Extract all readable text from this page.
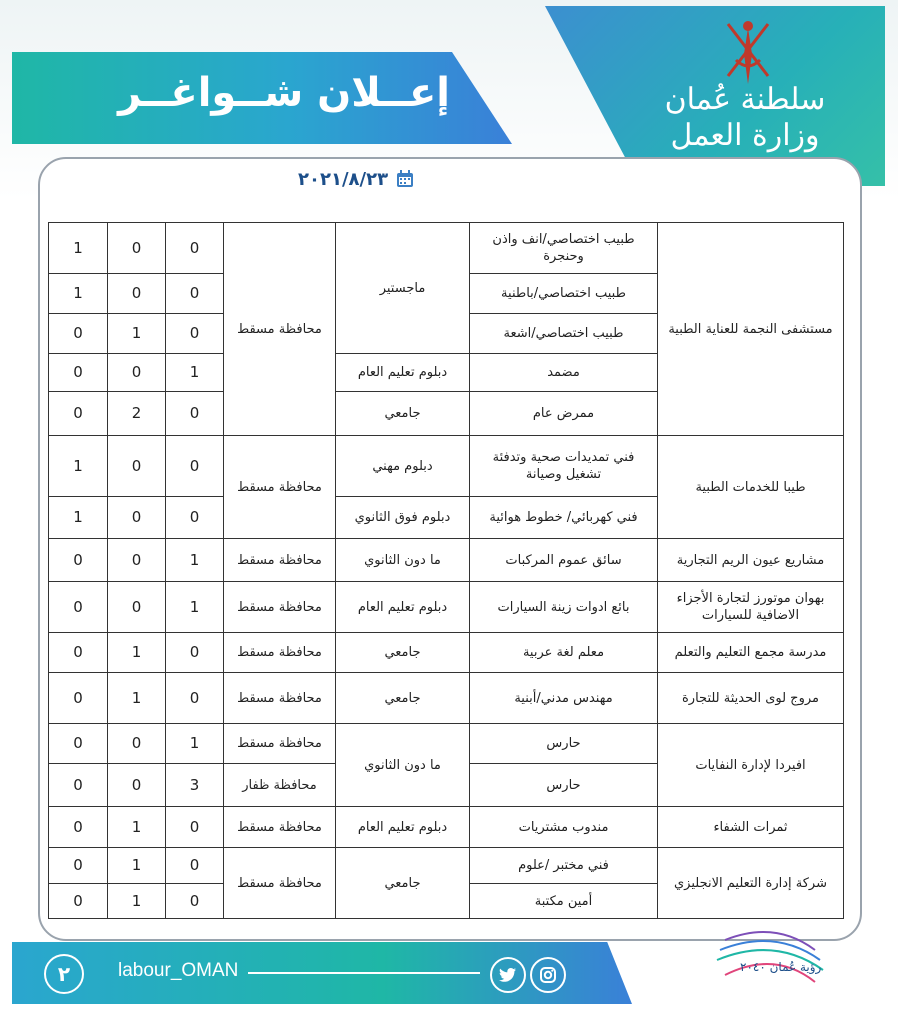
إعــلان شــواغــر	سلطنة عُمان
وزارة العمل
٢٠٢١/٨/٢٣
مستشفى النجمة للعناية الطبية	طبيب اختصاصي/انف واذن وحنجرة	ماجستير	محافظة مسقط	0	0	1
	طبيب اختصاصي/باطنية			0	0	1
	طبيب اختصاصي/اشعة			0	1	0
	مضمد	دبلوم تعليم العام		1	0	0
	ممرض عام	جامعي		0	2	0
طيبا للخدمات الطبية	فني تمديدات صحية وتدفئة تشغيل وصيانة	دبلوم مهني	محافظة مسقط	0	0	1
	فني كهربائي/ خطوط هوائية	دبلوم فوق الثانوي		0	0	1
مشاريع عيون الريم التجارية	سائق عموم المركبات	ما دون الثانوي	محافظة مسقط	1	0	0
بهوان موتورز لتجارة الأجزاء الاضافية للسيارات	بائع ادوات زينة السيارات	دبلوم تعليم العام	محافظة مسقط	1	0	0
مدرسة مجمع التعليم والتعلم	معلم لغة عربية	جامعي	محافظة مسقط	0	1	0
مروج لوى الحديثة للتجارة	مهندس مدني/أبنية	جامعي	محافظة مسقط	0	1	0
افيردا لإدارة النفايات	حارس	ما دون الثانوي	محافظة مسقط	1	0	0
	حارس		محافظة ظفار	3	0	0
ثمرات الشفاء	مندوب مشتريات	دبلوم تعليم العام	محافظة مسقط	0	1	0
شركة إدارة التعليم الانجليزي	فني مختبر /علوم	جامعي	محافظة مسقط	0	1	0
	أمين مكتبة			0	1	0
٢	labour_OMAN	رؤية عُمان ٢٠٤٠
